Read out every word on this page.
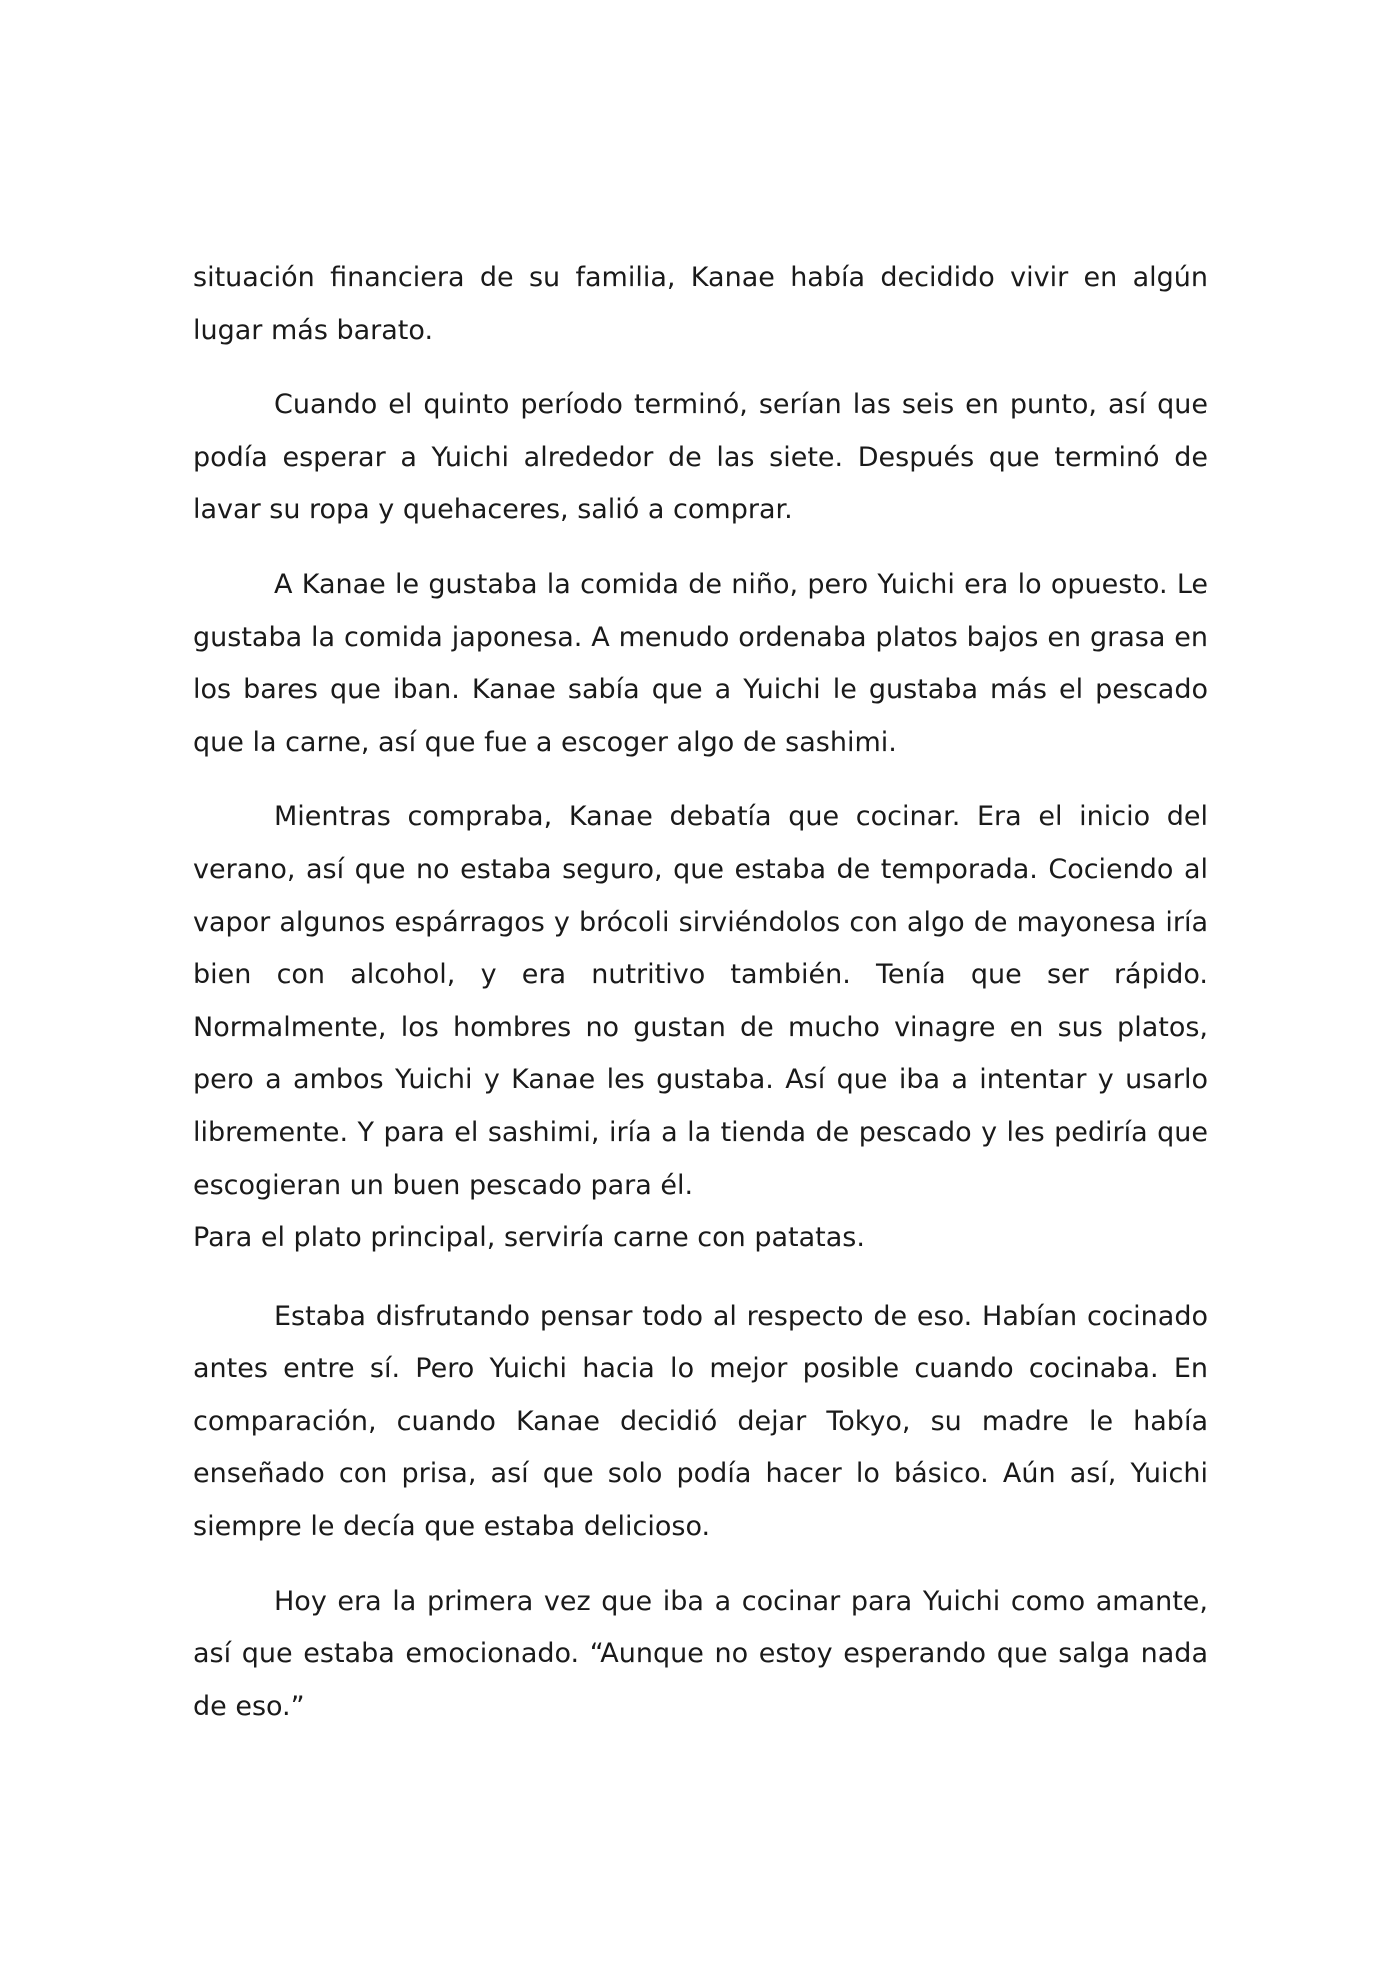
situación financiera de su familia, Kanae había decidido vivir en algún lugar más barato.

Cuando el quinto período terminó, serían las seis en punto, así que podía esperar a Yuichi alrededor de las siete. Después que terminó de lavar su ropa y quehaceres, salió a comprar.

A Kanae le gustaba la comida de niño, pero Yuichi era lo opuesto. Le gustaba la comida japonesa. A menudo ordenaba platos bajos en grasa en los bares que iban. Kanae sabía que a Yuichi le gustaba más el pescado que la carne, así que fue a escoger algo de sashimi.

Mientras compraba, Kanae debatía que cocinar. Era el inicio del verano, así que no estaba seguro, que estaba de temporada. Cociendo al vapor algunos espárragos y brócoli sirviéndolos con algo de mayonesa iría bien con alcohol, y era nutritivo también. Tenía que ser rápido. Normalmente, los hombres no gustan de mucho vinagre en sus platos, pero a ambos Yuichi y Kanae les gustaba. Así que iba a intentar y usarlo libremente. Y para el sashimi, iría a la tienda de pescado y les pediría que escogieran un buen pescado para él.

Para el plato principal, serviría carne con patatas.

Estaba disfrutando pensar todo al respecto de eso. Habían cocinado antes entre sí. Pero Yuichi hacia lo mejor posible cuando cocinaba. En comparación, cuando Kanae decidió dejar Tokyo, su madre le había enseñado con prisa, así que solo podía hacer lo básico. Aún así, Yuichi siempre le decía que estaba delicioso.

Hoy era la primera vez que iba a cocinar para Yuichi como amante, así que estaba emocionado. “Aunque no estoy esperando que salga nada de eso.”
